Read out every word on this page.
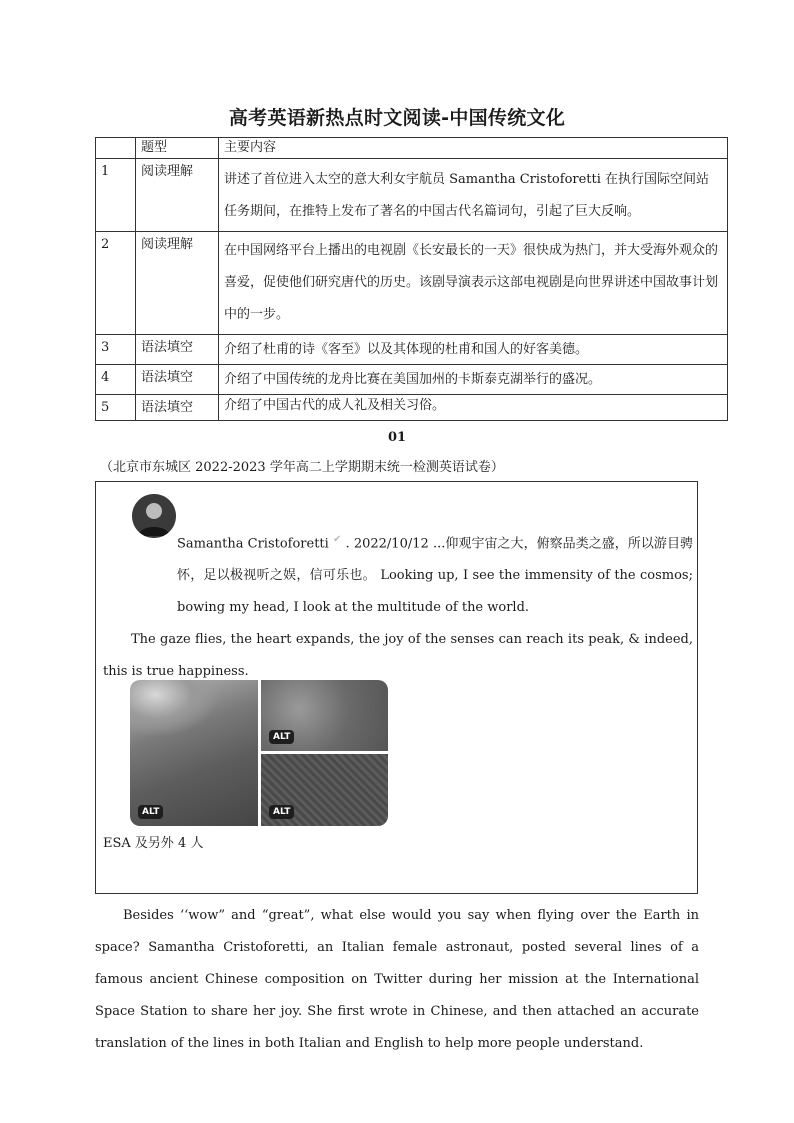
高考英语新热点时文阅读-中国传统文化
	题型	主要内容
1	阅读理解	讲述了首位进入太空的意大利女宇航员 Samantha Cristoforetti 在执行国际空间站任务期间，在推特上发布了著名的中国古代名篇词句，引起了巨大反响。
2	阅读理解	在中国网络平台上播出的电视剧《长安最长的一天》很快成为热门，并大受海外观众的喜爱，促使他们研究唐代的历史。该剧导演表示这部电视剧是向世界讲述中国故事计划中的一步。
3	语法填空	介绍了杜甫的诗《客至》以及其体现的杜甫和国人的好客美德。
4	语法填空	介绍了中国传统的龙舟比赛在美国加州的卡斯泰克湖举行的盛况。
5	语法填空	介绍了中国古代的成人礼及相关习俗。
01
（北京市东城区 2022-2023 学年高二上学期期末统一检测英语试卷）

Samantha Cristoforetti ✔ . 2022/10/12 ...仰观宇宙之大，俯察品类之盛，所以游目骋怀，足以极视听之娱，信可乐也。 Looking up, I see the immensity of the cosmos; bowing my head, I look at the multitude of the world.

The gaze flies, the heart expands, the joy of the senses can reach its peak, & indeed, this is true happiness.

ALT
ALT
ALT
ESA 及另外 4 人

Besides ‘‘wow” and “great”, what else would you say when flying over the Earth in space? Samantha Cristoforetti, an Italian female astronaut, posted several lines of a famous ancient Chinese composition on Twitter during her mission at the International Space Station to share her joy. She first wrote in Chinese, and then attached an accurate translation of the lines in both Italian and English to help more people understand.
